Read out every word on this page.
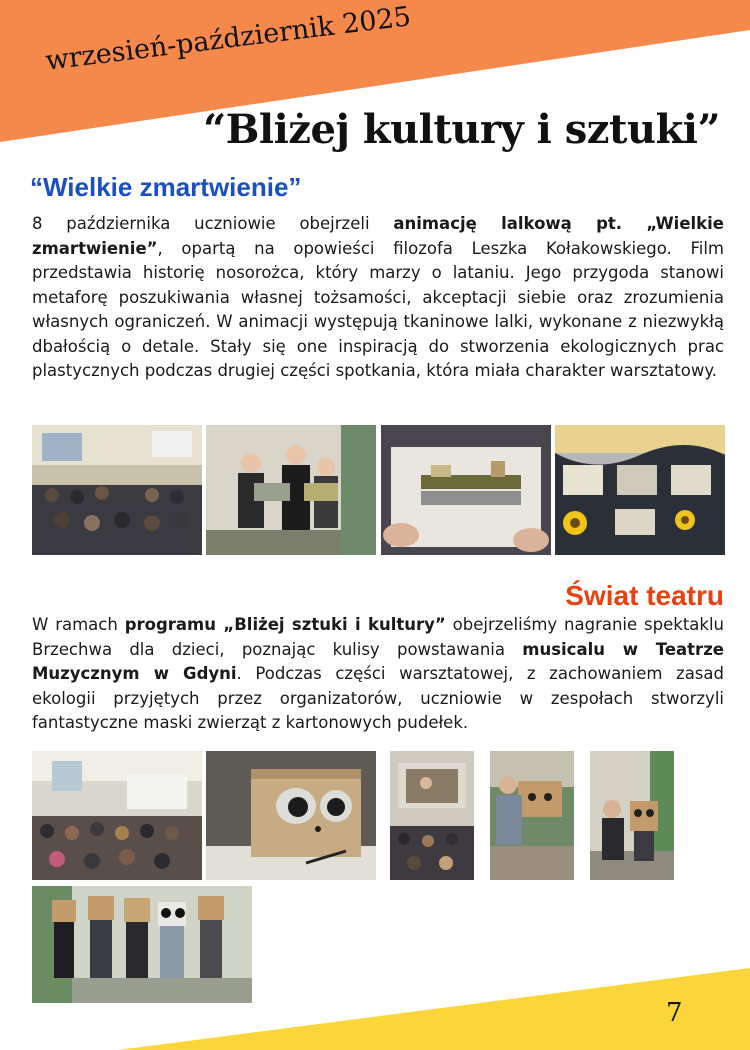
wrzesień-październik 2025
“Bliżej kultury i sztuki”
“Wielkie zmartwienie”
8 października uczniowie obejrzeli animację lalkową pt. „Wielkie zmartwienie”, opartą na opowieści filozofa Leszka Kołakowskiego. Film przedstawia historię nosorożca, który marzy o lataniu. Jego przygoda stanowi metaforę poszukiwania własnej tożsamości, akceptacji siebie oraz zrozumienia własnych ograniczeń. W animacji występują tkaninowe lalki, wykonane z niezwykłą dbałością o detale. Stały się one inspiracją do stworzenia ekologicznych prac plastycznych podczas drugiej części spotkania, która miała charakter warsztatowy.
Świat teatru
W ramach programu „Bliżej sztuki i kultury” obejrzeliśmy nagranie spektaklu Brzechwa dla dzieci, poznając kulisy powstawania musicalu w Teatrze Muzycznym w Gdyni. Podczas części warsztatowej, z zachowaniem zasad ekologii przyjętych przez organizatorów, uczniowie w zespołach stworzyli fantastyczne maski zwierząt z kartonowych pudełek.
7
